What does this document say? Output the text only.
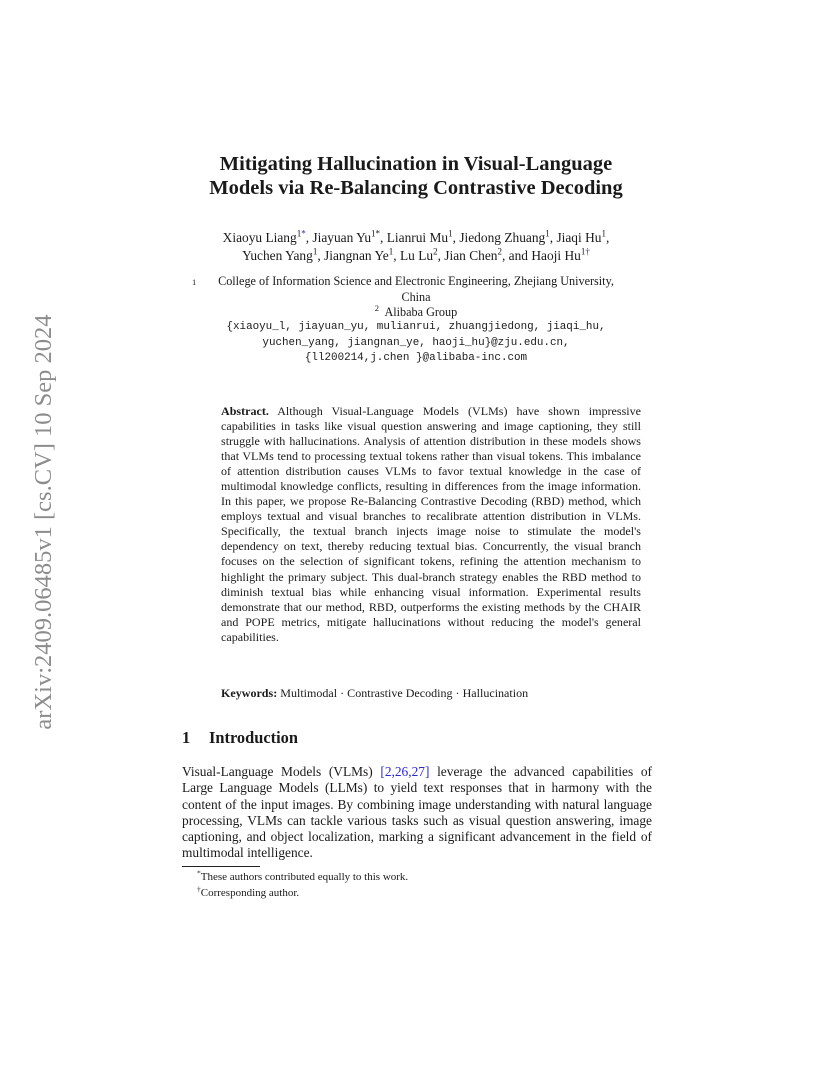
arXiv:2409.06485v1 [cs.CV] 10 Sep 2024
Mitigating Hallucination in Visual-Language
Models via Re-Balancing Contrastive Decoding
Xiaoyu Liang$^{1*}$, Jiayuan $Yu^{1*}$, Lianrui Mu$^1$, Jiedong Zhuang$^1$, Jiaqi Hu$^1$,
Yuchen Yang$^1$, Jiangnan Ye$^1$, Lu Lu$^2$, Jian Chen$^2$, and Haoji $Hu^{1\dagger}$
1	College of Information Science and Electronic Engineering, Zhejiang University,
China
$^2$ Alibaba Group
{xiaoyu_l, jiayuan_yu, mulianrui, zhuangjiedong, jiaqi_hu,
yuchen_yang, jiangnan_ye, haoji_hu}@zju.edu.cn,
{ll200214,j.chen }@alibaba-inc.com
Abstract. Although Visual-Language Models (VLMs) have shown impressive capabilities in tasks like visual question answering and image captioning, they still struggle with hallucinations. Analysis of attention distribution in these models shows that VLMs tend to processing textual tokens rather than visual tokens. This imbalance of attention distribution causes VLMs to favor textual knowledge in the case of multimodal knowledge conflicts, resulting in differences from the image information. In this paper, we propose Re-Balancing Contrastive Decoding (RBD) method, which employs textual and visual branches to recalibrate attention distribution in VLMs. Specifically, the textual branch injects image noise to stimulate the model's dependency on text, thereby reducing textual bias. Concurrently, the visual branch focuses on the selection of significant tokens, refining the attention mechanism to highlight the primary subject. This dual-branch strategy enables the RBD method to diminish textual bias while enhancing visual information. Experimental results demonstrate that our method, RBD, outperforms the existing methods by the CHAIR and POPE metrics, mitigate hallucinations without reducing the model's general capabilities.
Keywords: Multimodal · Contrastive Decoding · Hallucination
1 Introduction
Visual-Language Models (VLMs) [2,26,27] leverage the advanced capabilities of Large Language Models (LLMs) to yield text responses that in harmony with the content of the input images. By combining image understanding with natural language processing, VLMs can tackle various tasks such as visual question answering, image captioning, and object localization, marking a significant advancement in the field of multimodal intelligence.
*These authors contributed equally to this work.
†Corresponding author.
